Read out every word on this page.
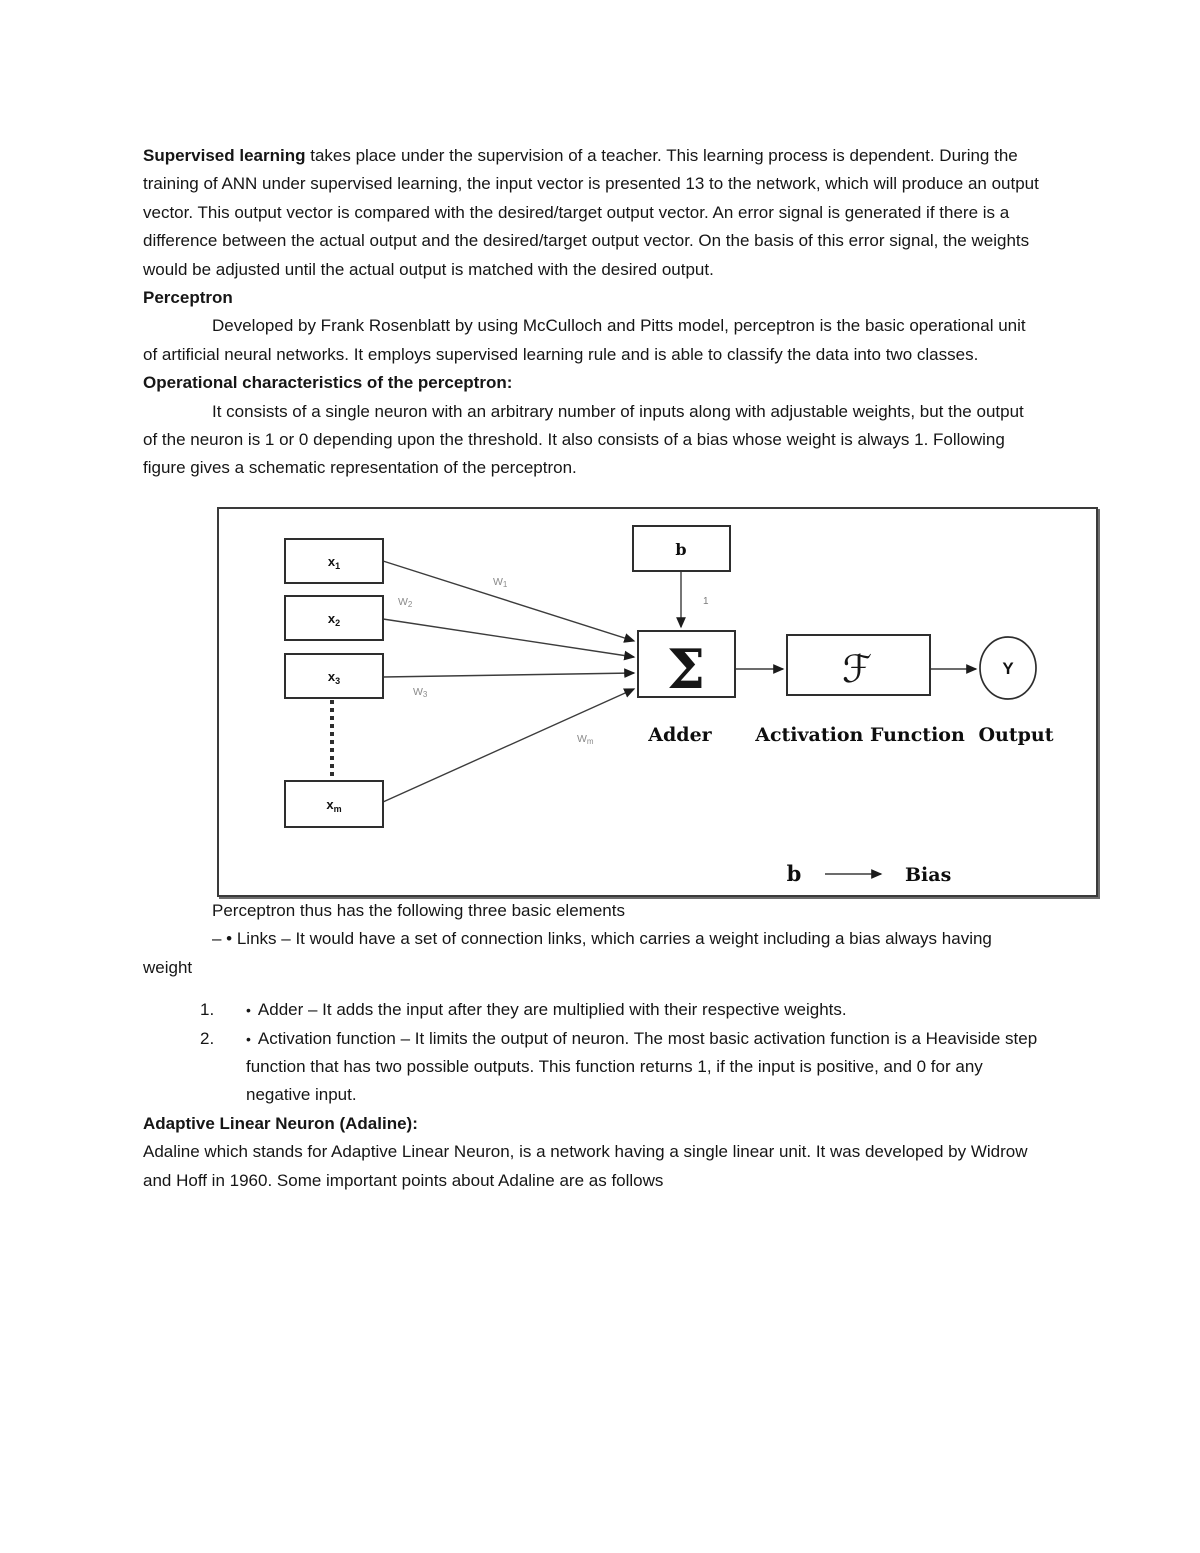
Supervised learning takes place under the supervision of a teacher. This learning process is dependent. During the training of ANN under supervised learning, the input vector is presented 13 to the network, which will produce an output vector. This output vector is compared with the desired/target output vector. An error signal is generated if there is a difference between the actual output and the desired/target output vector. On the basis of this error signal, the weights would be adjusted until the actual output is matched with the desired output.

Perceptron

Developed by Frank Rosenblatt by using McCulloch and Pitts model, perceptron is the basic operational unit of artificial neural networks. It employs supervised learning rule and is able to classify the data into two classes.

Operational characteristics of the perceptron:

It consists of a single neuron with an arbitrary number of inputs along with adjustable weights, but the output of the neuron is 1 or 0 depending upon the threshold. It also consists of a bias whose weight is always 1. Following figure gives a schematic representation of the perceptron.

$x_1$
$x_2$
$x_3$
$x_m$
W1
W2
W3
Wm
b
1
Σ
Adder
ℱ
Activation Function
Y
Output
b	Bias

Perceptron thus has the following three basic elements

– • Links – It would have a set of connection links, which carries a weight including a bias always having weight

1.	• Adder – It adds the input after they are multiplied with their respective weights.
2.	• Activation function – It limits the output of neuron. The most basic activation function is a Heaviside step function that has two possible outputs. This function returns 1, if the input is positive, and 0 for any negative input.
Adaptive Linear Neuron (Adaline):

Adaline which stands for Adaptive Linear Neuron, is a network having a single linear unit. It was developed by Widrow and Hoff in 1960. Some important points about Adaline are as follows
